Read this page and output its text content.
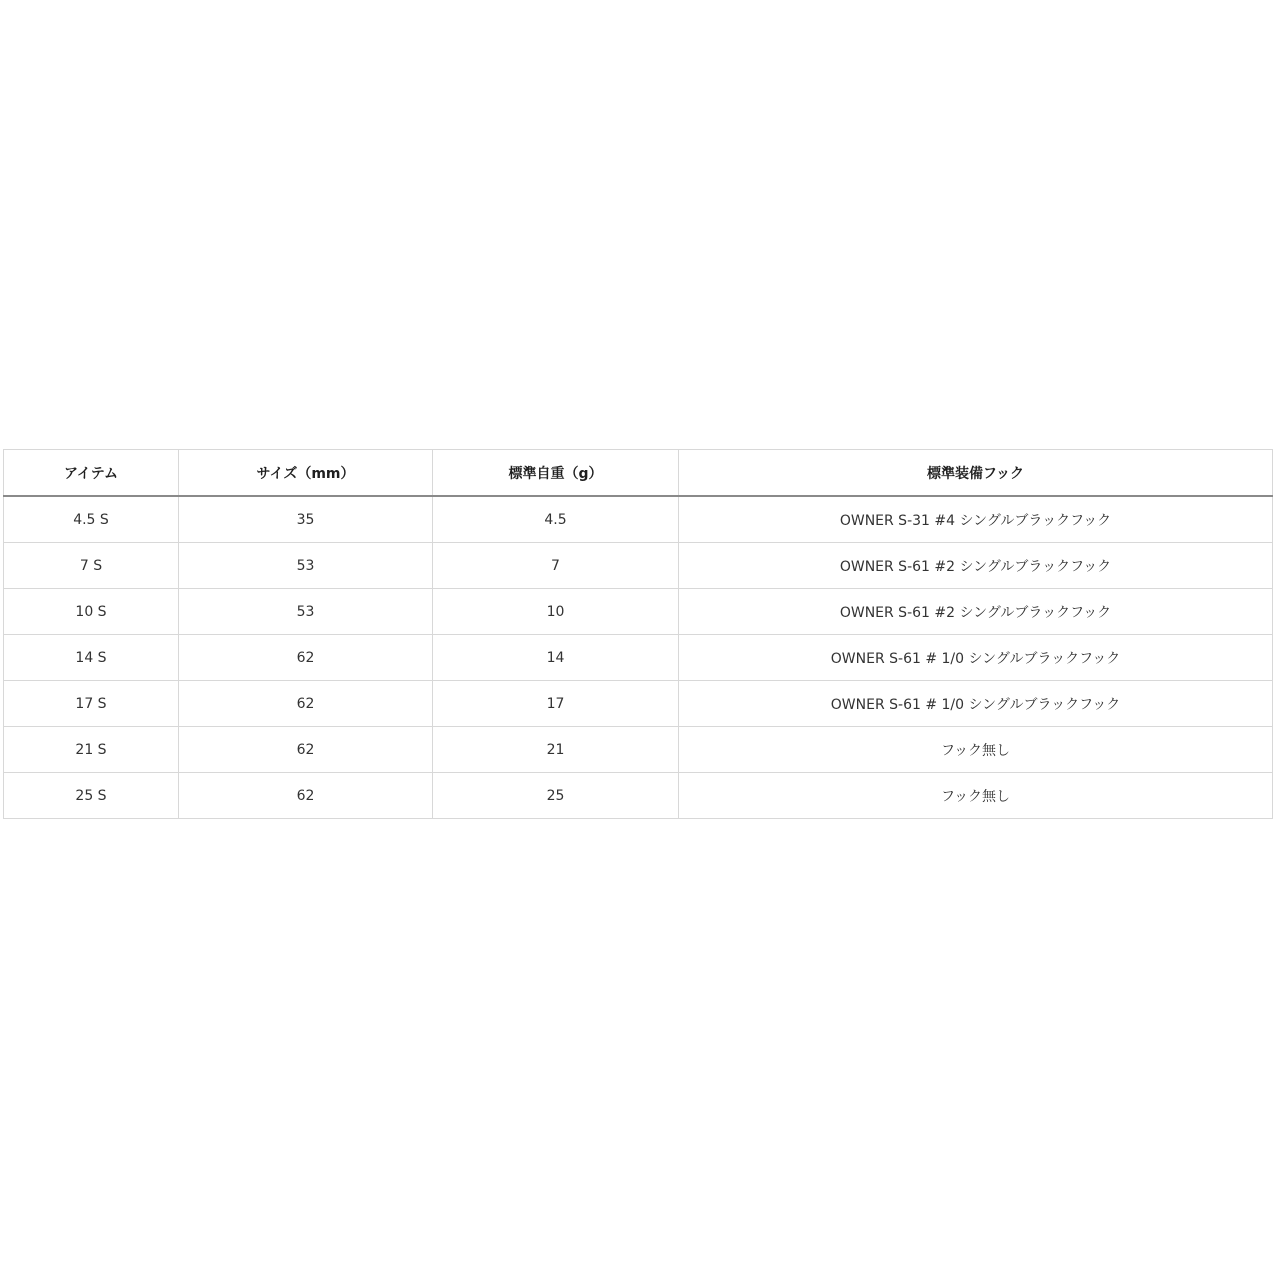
アイテム	サイズ（mm）	標準自重（g）	標準装備フック
4.5 S	35	4.5	OWNER S-31 #4 シングルブラックフック
7 S	53	7	OWNER S-61 #2 シングルブラックフック
10 S	53	10	OWNER S-61 #2 シングルブラックフック
14 S	62	14	OWNER S-61 # 1/0 シングルブラックフック
17 S	62	17	OWNER S-61 # 1/0 シングルブラックフック
21 S	62	21	フック無し
25 S	62	25	フック無し
